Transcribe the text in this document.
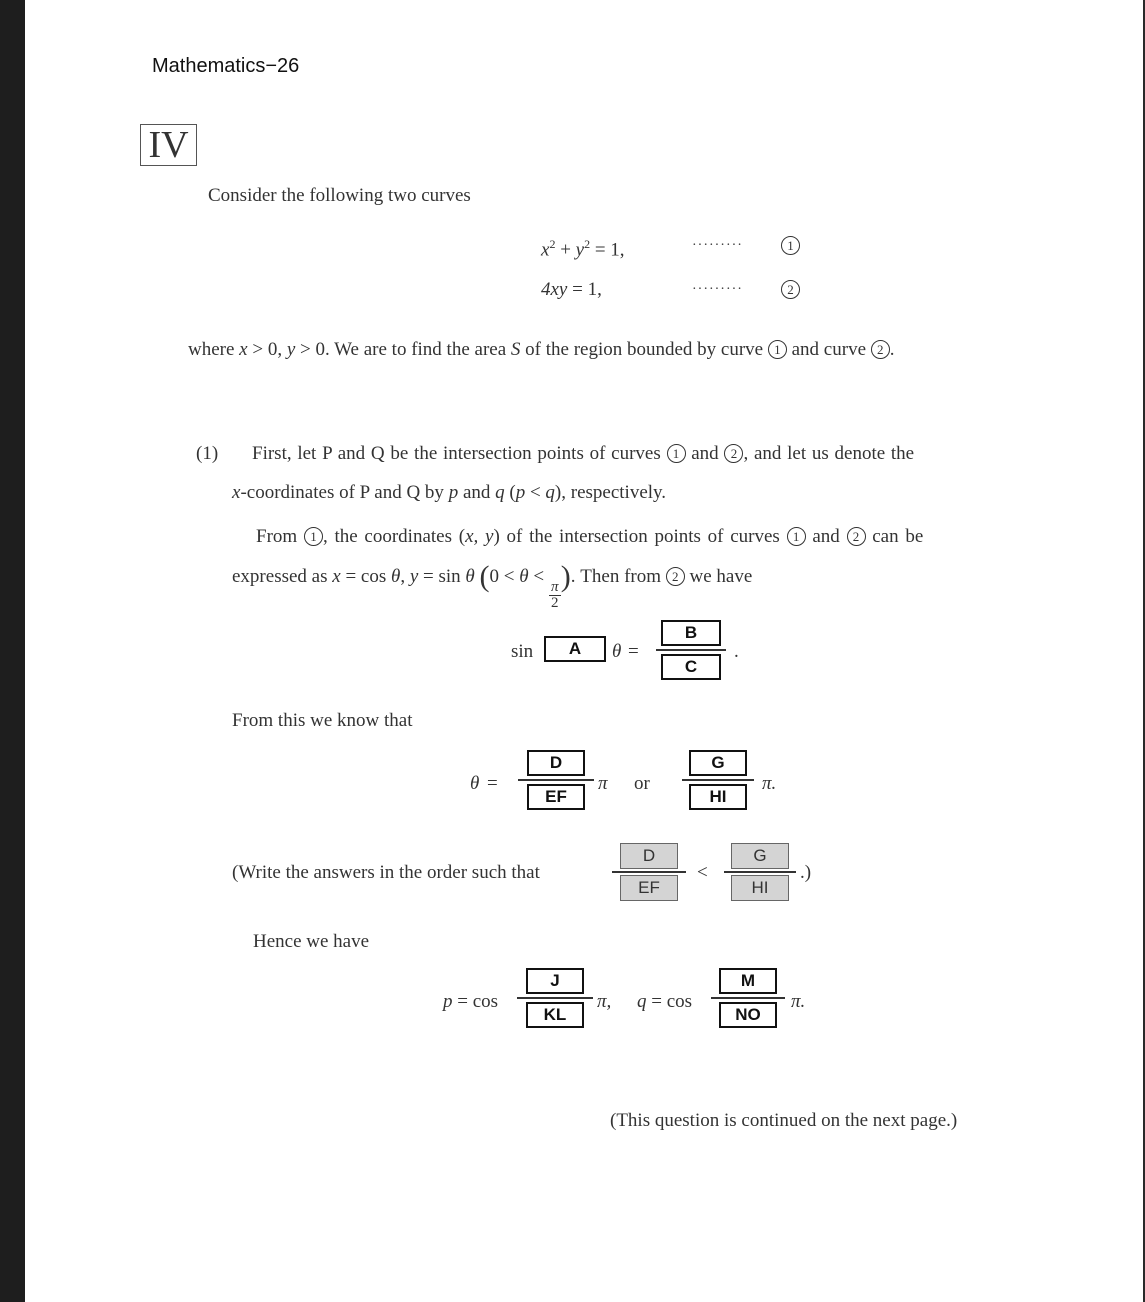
Mathematics−26
IV
Consider the following two curves
$x^2 + y^2 = 1$,	·········	1
4xy = 1,	·········	2
where x > 0, y > 0. We are to find the area S of the region bounded by curve 1 and curve 2 .
(1) First, let P and Q be the intersection points of curves 1 and 2 , and let us denote the
x-coordinates of P and Q by p and q (p < q), respectively.
From 1 , the coordinates (x, y) of the intersection points of curves 1 and 2 can be
expressed as x = cos θ, y = sin θ (0 < θ <
$\frac{\pi}{2}$
). Then from 2 we have
sin	A	$\theta = \frac{B}{C}$ .
From this we know that
$\theta = \frac{D}{EF}$ π or $\frac{G}{HI} \pi$.
(Write the answers in the order such that	$\frac{D}{EF} < \frac{G}{HI}$ .)
Hence we have
$p = \cos \frac{J}{KL} \pi$, $q = \cos \frac{M}{NO} \pi$.
(This question is continued on the next page.)
